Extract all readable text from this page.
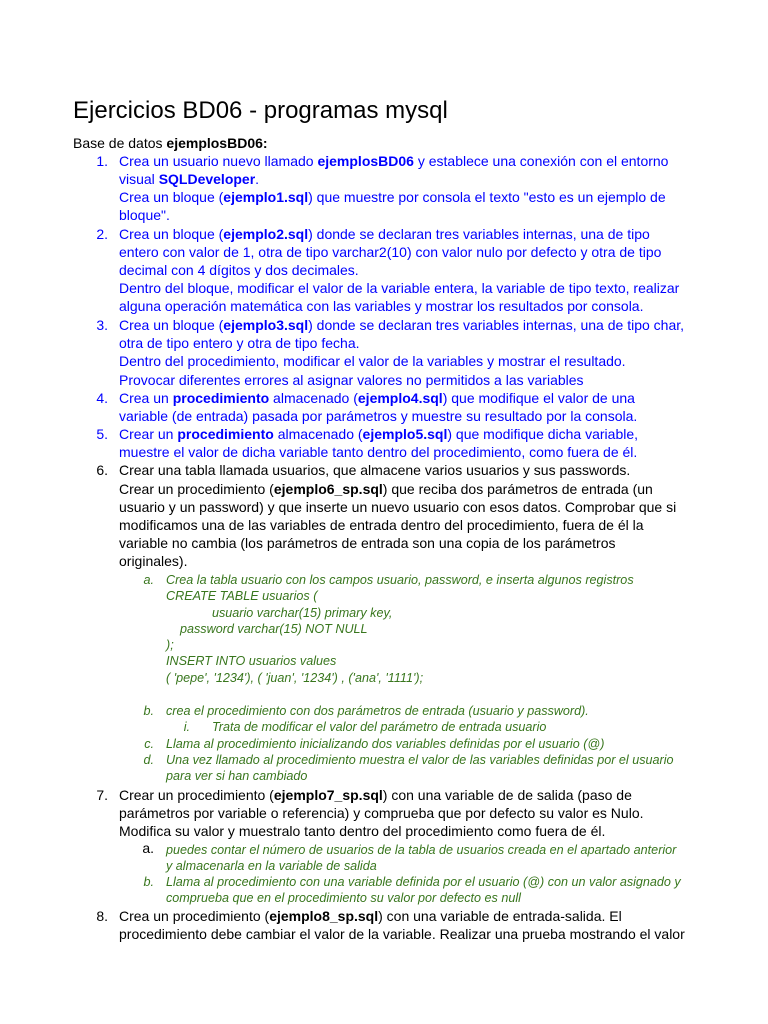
Ejercicios BD06 - programas mysql
Base de datos ejemplosBD06:
1. Crea un usuario nuevo llamado ejemplosBD06 y establece una conexión con el entorno
visual SQLDeveloper.
Crea un bloque (ejemplo1.sql) que muestre por consola el texto "esto es un ejemplo de
bloque".
2. Crea un bloque (ejemplo2.sql) donde se declaran tres variables internas, una de tipo
entero con valor de 1, otra de tipo varchar2(10) con valor nulo por defecto y otra de tipo
decimal con 4 dígitos y dos decimales.
Dentro del bloque, modificar el valor de la variable entera, la variable de tipo texto, realizar
alguna operación matemática con las variables y mostrar los resultados por consola.
3. Crea un bloque (ejemplo3.sql) donde se declaran tres variables internas, una de tipo char,
otra de tipo entero y otra de tipo fecha.
Dentro del procedimiento, modificar el valor de la variables y mostrar el resultado.
Provocar diferentes errores al asignar valores no permitidos a las variables
4. Crea un procedimiento almacenado (ejemplo4.sql) que modifique el valor de una
variable (de entrada) pasada por parámetros y muestre su resultado por la consola.
5. Crear un procedimiento almacenado (ejemplo5.sql) que modifique dicha variable,
muestre el valor de dicha variable tanto dentro del procedimiento, como fuera de él.
6. Crear una tabla llamada usuarios, que almacene varios usuarios y sus passwords.
Crear un procedimiento (ejemplo6_sp.sql) que reciba dos parámetros de entrada (un
usuario y un password) y que inserte un nuevo usuario con esos datos. Comprobar que si
modificamos una de las variables de entrada dentro del procedimiento, fuera de él la
variable no cambia (los parámetros de entrada son una copia de los parámetros
originales).
a. Crea la tabla usuario con los campos usuario, password, e inserta algunos registros
CREATE TABLE usuarios (
usuario varchar(15) primary key,
password varchar(15) NOT NULL
);
INSERT INTO usuarios values
( 'pepe', '1234'), ( 'juan', '1234') , ('ana', '1111');
b. crea el procedimiento con dos parámetros de entrada (usuario y password).
i. Trata de modificar el valor del parámetro de entrada usuario
c. Llama al procedimiento inicializando dos variables definidas por el usuario (@)
d. Una vez llamado al procedimiento muestra el valor de las variables definidas por el usuario
para ver si han cambiado
7. Crear un procedimiento (ejemplo7_sp.sql) con una variable de de salida (paso de
parámetros por variable o referencia) y comprueba que por defecto su valor es Nulo.
Modifica su valor y muestralo tanto dentro del procedimiento como fuera de él.
a. puedes contar el número de usuarios de la tabla de usuarios creada en el apartado anterior
y almacenarla en la variable de salida
b. Llama al procedimiento con una variable definida por el usuario (@) con un valor asignado y
comprueba que en el procedimiento su valor por defecto es null
8. Crea un procedimiento (ejemplo8_sp.sql) con una variable de entrada-salida. El
procedimiento debe cambiar el valor de la variable. Realizar una prueba mostrando el valor
